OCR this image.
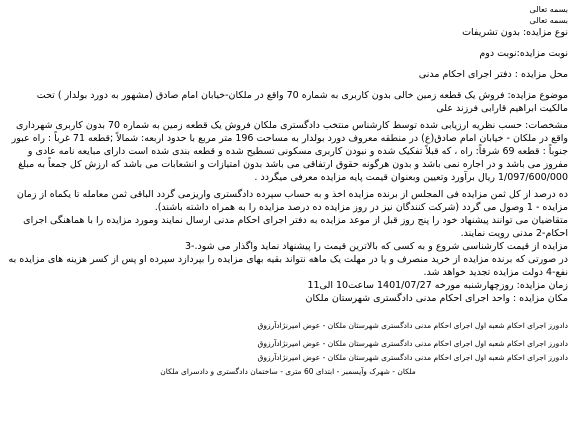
بسمه تعالی

بسمه تعالی

نوع مزایده: بدون تشریفات

نوبت مزایده:نوبت دوم

محل مزایده : دفتر اجرای احکام مدنی

موضوع مزایده: فروش یک قطعه زمین خالی بدون کاربری به شماره 70 واقع در ملکان-خیابان امام صادق (مشهور به دورد بولدار ) تحت مالکیت ابراهیم قارابی فرزند علی

مشخصات: حسب نظریه ارزیابی شده توسط کارشناس منتخب دادگستری ملکان فروش یک قطعه زمین به شماره 70 بدون کاربری شهرداری واقع در ملکان - خیابان امام صادق(ع) در منطقه معروف دورد بولدار به مساحت 196 متر مربع با حدود اربعه: شمالاً ;قطعه 71 غرباً : راه عبور جنوباً : قطعه 69 شرقاً: راه ، که قبلاً تفکیک شده و نبودن کاربری مسکونی تسطیح شده و قطعه بندی شده است دارای مبایعه نامه عادی و مفروز می باشد و در اجاره نمی باشد و بدون هرگونه حقوق ارتفاقی می باشد بدون امتیازات و انشعابات می باشد که ارزش کل جمعاً به مبلغ 1/097/600/000 ریال برآورد وتعیین وبعنوان قیمت پایه مزایده معرفی میگردد .

ده درصد از کل ثمن مزایده فی المجلس از برنده مزایده اخذ و به حساب سپرده دادگستری واریزمی گردد الباقی ثمن معامله تا یکماه از زمان مزایده - 1 وصول می گردد (شرکت کنندگان نیز در روز مزایده ده درصد مزایده را به همراه داشته باشند).

متقاضیان می توانند پیشنهاد خود را پنج روز قبل از موعد مزایده به دفتر اجرای احکام مدنی ارسال نمایند ومورد مزایده را با هماهنگی اجرای احکام-2 مدنی رویت نمایند.

مزایده از قیمت کارشناسی شروع و به کسی که بالاترین قیمت را پیشنهاد نماید واگذار می شود.-3

در صورتی که برنده مزایده از خرید منصرف و یا در مهلت یک ماهه نتواند بقیه بهای مزایده را بپردازد سپرده او پس از کسر هزینه های مزایده به نفع-4 دولت مزایده تجدید خواهد شد.

زمان مزایده: روزچهارشنبه مورخه 1401/07/27 ساعت10 الی11

مکان مزایده : واحد اجرای احکام مدنی دادگستری شهرستان ملکان

دادورز اجرای احکام شعبه اول اجرای احکام مدنی دادگستری شهرستان ملکان - عوض امیرنژادآرزوق

دادورز اجرای احکام شعبه اول اجرای احکام مدنی دادگستری شهرستان ملکان - عوض امیرنژادآرزوق

دادورز اجرای احکام شعبه اول اجرای احکام مدنی دادگستری شهرستان ملکان - عوض امیرنژادآرزوق

ملکان - شهرک وآیسمبر - ابتدای 60 متری - ساختمان دادگستری و دادسرای ملکان
